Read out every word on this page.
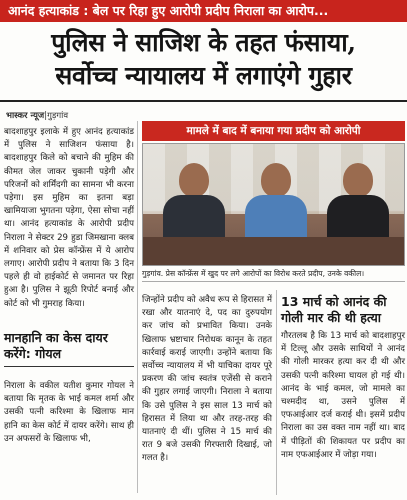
आनंद हत्याकांड : बेल पर रिहा हुए आरोपी प्रदीप निराला का आरोप...
पुलिस ने साजिश के तहत फंसाया,
सर्वोच्च न्यायालय में लगाएंगे गुहार
भास्कर न्यूज|गुड़गांव

बादशाहपुर इलाके में हुए आनंद हत्याकांड में पुलिस ने साजिशन फंसाया है। बादशाहपुर किले को बचाने की मुहिम की कीमत जेल जाकर चुकानी पड़ेगी और परिजनों को शर्मिंदगी का सामना भी करना पड़ेगा। इस मुहिम का इतना बड़ा खामियाजा भुगतना पड़ेगा, ऐसा सोचा नहीं था। आनंद हत्याकांड के आरोपी प्रदीप निराला ने सेक्टर 29 हुडा जिमखाना क्लब में शनिवार को प्रेस कॉन्फ्रेंस में ये आरोप लगाए। आरोपी प्रदीप ने बताया कि 3 दिन पहले ही वो हाईकोर्ट से जमानत पर रिहा हुआ है। पुलिस ने झूठी रिपोर्ट बनाई और कोर्ट को भी गुमराह किया।

मानहानि का केस दायर करेंगे: गोयल
निराला के वकील यतीश कुमार गोयल ने बताया कि मृतक के भाई कमल शर्मा और उसकी पत्नी करिश्मा के खिलाफ मान हानि का केस कोर्ट में दायर करेंगे। साथ ही उन अफसरों के खिलाफ भी,
मामले में बाद में बनाया गया प्रदीप को आरोपी
गुड़गांव. प्रेस कॉन्फ्रेंस में खुद पर लगे आरोपों का विरोध करते प्रदीप, उनके वकील।
जिन्होंने प्रदीप को अवैध रूप से हिरासत में रखा और यातनाएं दे, पद का दुरुपयोग कर जांच को प्रभावित किया। उनके खिलाफ भ्रष्टाचार निरोधक कानून के तहत कार्रवाई कराई जाएगी। उन्होंने बताया कि सर्वोच्च न्यायालय में भी याचिका दायर पूरे प्रकरण की जांच स्वतंत्र एजेंसी से कराने की गुहार लगाई जाएगी। निराला ने बताया कि उसे पुलिस ने इस साल 13 मार्च को हिरासत में लिया था और तरह-तरह की यातनाएं दी थीं। पुलिस ने 15 मार्च की रात 9 बजे उसकी गिरफ्तारी दिखाई, जो गलत है।
13 मार्च को आनंद की गोली मार की थी हत्या
गौरतलब है कि 13 मार्च को बादशाहपुर में टिल्लू और उसके साथियों ने आनंद की गोली मारकर हत्या कर दी थी और उसकी पत्नी करिश्मा घायल हो गई थी। आनंद के भाई कमल, जो मामले का चश्मदीद था, उसने पुलिस में एफआईआर दर्ज कराई थी। इसमें प्रदीप निराला का उस वक्त नाम नहीं था। बाद में पीड़ितों की शिकायत पर प्रदीप का नाम एफआईआर में जोड़ा गया।
